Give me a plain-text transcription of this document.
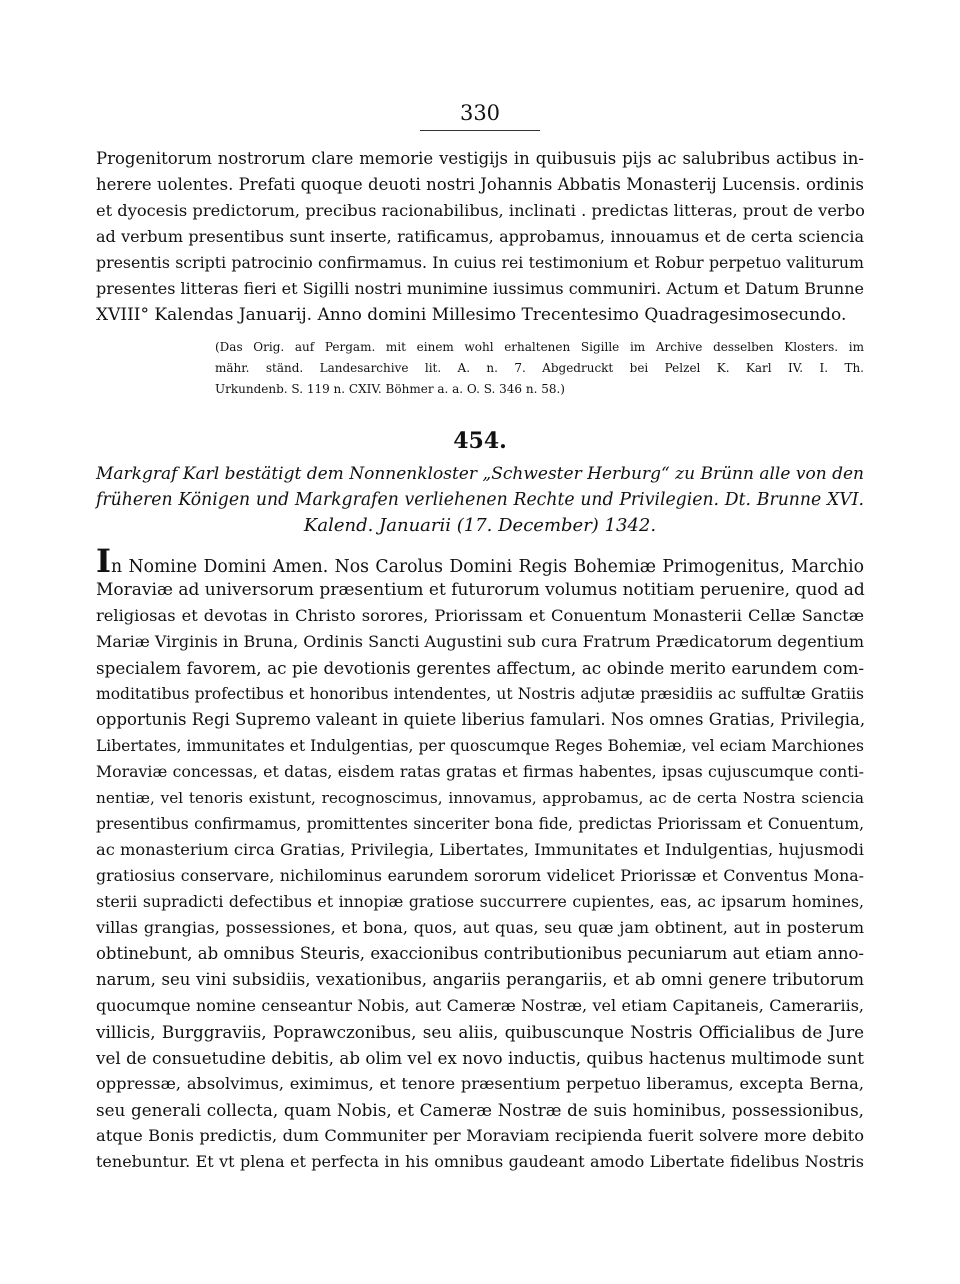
330
Progenitorum nostrorum clare memorie vestigijs in quibusuis pijs ac salubribus actibus in-
herere uolentes. Prefati quoque deuoti nostri Johannis Abbatis Monasterij Lucensis. ordinis
et dyocesis predictorum, precibus racionabilibus, inclinati . predictas litteras, prout de verbo
ad verbum presentibus sunt inserte, ratificamus, approbamus, innouamus et de certa sciencia
presentis scripti patrocinio confirmamus. In cuius rei testimonium et Robur perpetuo valiturum
presentes litteras fieri et Sigilli nostri munimine iussimus communiri. Actum et Datum Brunne
XVIII° Kalendas Januarij. Anno domini Millesimo Trecentesimo Quadragesimosecundo.
(Das Orig. auf Pergam. mit einem wohl erhaltenen Sigille im Archive desselben Klosters. im
mähr. ständ. Landesarchive lit. A. n. 7. Abgedruckt bei Pelzel K. Karl IV. I. Th.
Urkundenb. S. 119 n. CXIV. Böhmer a. a. O. S. 346 n. 58.)
454.
Markgraf Karl bestätigt dem Nonnenkloster „Schwester Herburg“ zu Brünn alle von den
früheren Königen und Markgrafen verliehenen Rechte und Privilegien. Dt. Brunne XVI.
Kalend. Januarii (17. December) 1342.
In Nomine Domini Amen. Nos Carolus Domini Regis Bohemiæ Primogenitus, Marchio
Moraviæ ad universorum præsentium et futurorum volumus notitiam peruenire, quod ad
religiosas et devotas in Christo sorores, Priorissam et Conuentum Monasterii Cellæ Sanctæ
Mariæ Virginis in Bruna, Ordinis Sancti Augustini sub cura Fratrum Prædicatorum degentium
specialem favorem, ac pie devotionis gerentes affectum, ac obinde merito earundem com-
moditatibus profectibus et honoribus intendentes, ut Nostris adjutæ præsidiis ac suffultæ Gratiis
opportunis Regi Supremo valeant in quiete liberius famulari. Nos omnes Gratias, Privilegia,
Libertates, immunitates et Indulgentias, per quoscumque Reges Bohemiæ, vel eciam Marchiones
Moraviæ concessas, et datas, eisdem ratas gratas et firmas habentes, ipsas cujuscumque conti-
nentiæ, vel tenoris existunt, recognoscimus, innovamus, approbamus, ac de certa Nostra sciencia
presentibus confirmamus, promittentes sinceriter bona fide, predictas Priorissam et Conuentum,
ac monasterium circa Gratias, Privilegia, Libertates, Immunitates et Indulgentias, hujusmodi
gratiosius conservare, nichilominus earundem sororum videlicet Priorissæ et Conventus Mona-
sterii supradicti defectibus et innopiæ gratiose succurrere cupientes, eas, ac ipsarum homines,
villas grangias, possessiones, et bona, quos, aut quas, seu quæ jam obtinent, aut in posterum
obtinebunt, ab omnibus Steuris, exaccionibus contributionibus pecuniarum aut etiam anno-
narum, seu vini subsidiis, vexationibus, angariis perangariis, et ab omni genere tributorum
quocumque nomine censeantur Nobis, aut Cameræ Nostræ, vel etiam Capitaneis, Camerariis,
villicis, Burggraviis, Poprawczonibus, seu aliis, quibuscunque Nostris Officialibus de Jure
vel de consuetudine debitis, ab olim vel ex novo inductis, quibus hactenus multimode sunt
oppressæ, absolvimus, eximimus, et tenore præsentium perpetuo liberamus, excepta Berna,
seu generali collecta, quam Nobis, et Cameræ Nostræ de suis hominibus, possessionibus,
atque Bonis predictis, dum Communiter per Moraviam recipienda fuerit solvere more debito
tenebuntur. Et vt plena et perfecta in his omnibus gaudeant amodo Libertate fidelibus Nostris
